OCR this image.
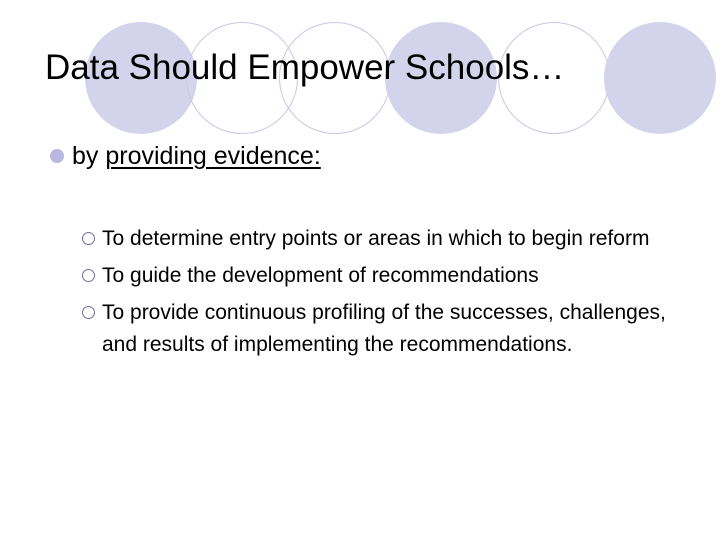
Data Should Empower Schools…
by providing evidence:
To determine entry points or areas in which to begin reform
To guide the development of recommendations
To provide continuous profiling of the successes, challenges, and results of implementing the recommendations.
